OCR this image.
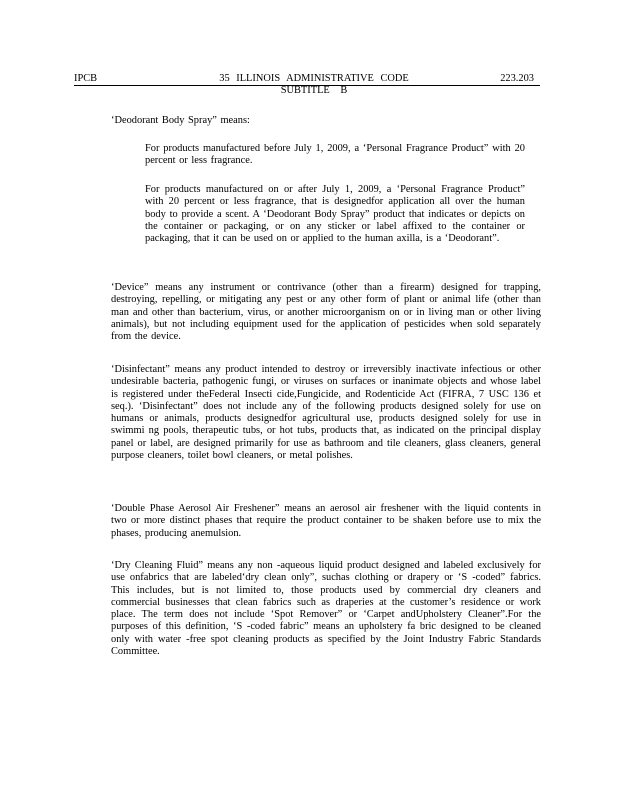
IPCB	35 ILLINOIS ADMINISTRATIVE CODE	223.203
SUBTITLE B

‘Deodorant Body Spray” means:

For products manufactured before July 1, 2009, a ‘Personal Fragrance Product” with 20 percent or less fragrance.

For products manufactured on or after July 1, 2009, a ‘Personal Fragrance Product” with 20 percent or less fragrance, that is designedfor application all over the human body to provide a scent. A ‘Deodorant Body Spray” product that indicates or depicts on the container or packaging, or on any sticker or label affixed to the container or packaging, that it can be used on or applied to the human axilla, is a ‘Deodorant”.

‘Device” means any instrument or contrivance (other than a firearm) designed for trapping, destroying, repelling, or mitigating any pest or any other form of plant or animal life (other than man and other than bacterium, virus, or another microorganism on or in living man or other living animals), but not including equipment used for the application of pesticides when sold separately from the device.

‘Disinfectant” means any product intended to destroy or irreversibly inactivate infectious or other undesirable bacteria, pathogenic fungi, or viruses on surfaces or inanimate objects and whose label is registered under theFederal Insecti cide,Fungicide, and Rodenticide Act (FIFRA, 7 USC 136 et seq.). ‘Disinfectant” does not include any of the following products designed solely for use on humans or animals, products designedfor agricultural use, products designed solely for use in swimmi ng pools, therapeutic tubs, or hot tubs, products that, as indicated on the principal display panel or label, are designed primarily for use as bathroom and tile cleaners, glass cleaners, general purpose cleaners, toilet bowl cleaners, or metal polishes.

‘Double Phase Aerosol Air Freshener” means an aerosol air freshener with the liquid contents in two or more distinct phases that require the product container to be shaken before use to mix the phases, producing anemulsion.

‘Dry Cleaning Fluid” means any non -aqueous liquid product designed and labeled exclusively for use onfabrics that are labeled‘dry clean only”, suchas clothing or drapery or ‘S -coded” fabrics. This includes, but is not limited to, those products used by commercial dry cleaners and commercial businesses that clean fabrics such as draperies at the customer’s residence or work place. The term does not include ‘Spot Remover” or ‘Carpet andUpholstery Cleaner”.For the purposes of this definition, ‘S -coded fabric” means an upholstery fa bric designed to be cleaned only with water -free spot cleaning products as specified by the Joint Industry Fabric Standards Committee.
